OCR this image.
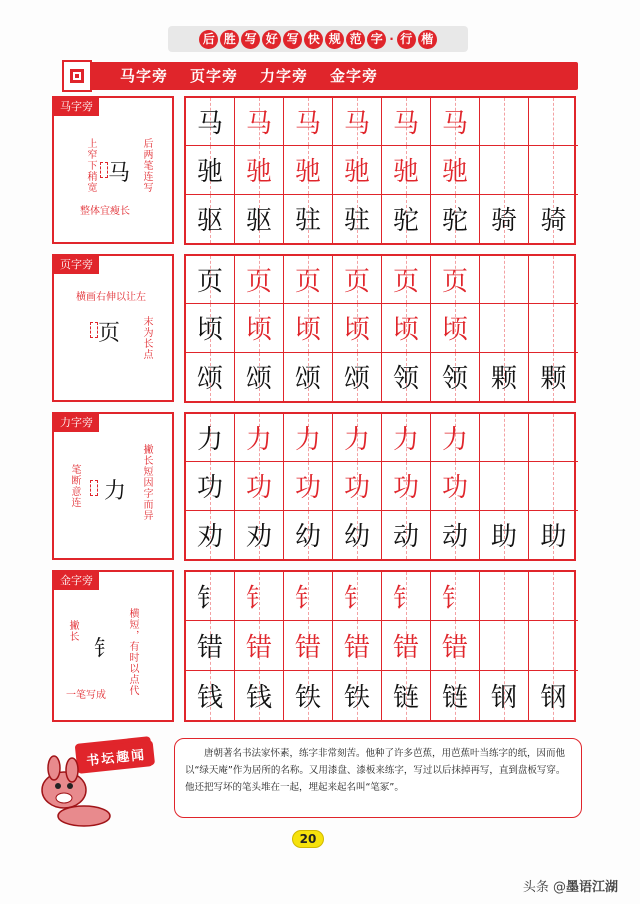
后 胜 写 好 写 快 规 范 字 · 行 楷
马字旁 页字旁 力字旁 金字旁
马字旁
上窄下稍宽 马 后两笔连写
整体宜瘦长
马 马 马 马 马 马
驰 驰 驰 驰 驰 驰
驱 驱 驻 驻 驼 驼 骑 骑
页字旁
横画右伸以让左
页 末为长点
页 页 页 页 页 页
顷 顷 顷 顷 顷 顷
颂 颂 颂 颂 领 领 颗 颗
力字旁
笔断意连 力 撇长短因字而异
力 力 力 力 力 力
功 功 功 功 功 功
劝 劝 幼 幼 动 动 助 助
金字旁
撇长
钅 横短，有时以点代
一笔写成
钅 钅 钅 钅 钅 钅
错 错 错 错 错 错
钱 钱 铁 铁 链 链 钢 钢
书坛趣闻	唐朝著名书法家怀素，练字非常刻苦。他种了许多芭蕉，用芭蕉叶当练字的纸，因而他以“绿天庵”作为居所的名称。又用漆盘、漆板来练字，写过以后抹掉再写，直到盘板写穿。他还把写坏的笔头堆在一起，埋起来起名叫“笔冢”。
20
头条 @墨语江湖
